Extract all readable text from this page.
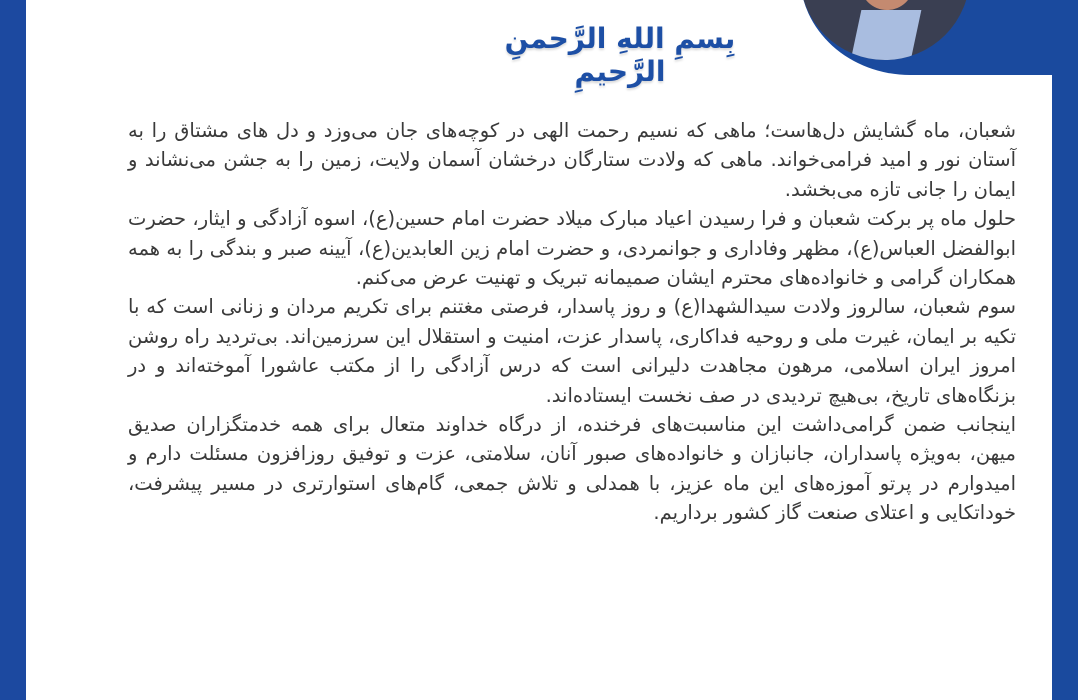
بِسمِ اللهِ الرَّحمنِ الرَّحیمِ

شعبان، ماه گشایش دل‌هاست؛ ماهی که نسیم رحمت الهی در کوچه‌های جان می‌وزد و دل های مشتاق را به آستان نور و امید فرامی‌خواند. ماهی که ولادت ستارگان درخشان آسمان ولایت، زمین را به جشن می‌نشاند و ایمان را جانی تازه می‌بخشد.

حلول ماه پر برکت شعبان و فرا رسیدن اعیاد مبارک میلاد حضرت امام حسین(ع)، اسوه آزادگی و ایثار، حضرت ابوالفضل العباس(ع)، مظهر وفاداری و جوانمردی، و حضرت امام زین العابدین(ع)، آیینه صبر و بندگی را به همه همکاران گرامی و خانواده‌های محترم ایشان صمیمانه تبریک و تهنیت عرض می‌کنم.

سوم شعبان، سالروز ولادت سیدالشهدا(ع) و روز پاسدار، فرصتی مغتنم برای تکریم مردان و زنانی است که با تکیه بر ایمان، غیرت ملی و روحیه فداکاری، پاسدار عزت، امنیت و استقلال این سرزمین‌اند. بی‌تردید راه روشن امروز ایران اسلامی، مرهون مجاهدت دلیرانی است که درس آزادگی را از مکتب عاشورا آموخته‌اند و در بزنگاه‌های تاریخ، بی‌هیچ تردیدی در صف نخست ایستاده‌اند.

اینجانب ضمن گرامی‌داشت این مناسبت‌های فرخنده، از درگاه خداوند متعال برای همه خدمتگزاران صدیق میهن، به‌ویژه پاسداران، جانبازان و خانواده‌های صبور آنان، سلامتی، عزت و توفیق روزافزون مسئلت دارم و امیدوارم در پرتو آموزه‌های این ماه عزیز، با همدلی و تلاش جمعی، گام‌های استوارتری در مسیر پیشرفت، خوداتکایی و اعتلای صنعت گاز کشور برداریم.
